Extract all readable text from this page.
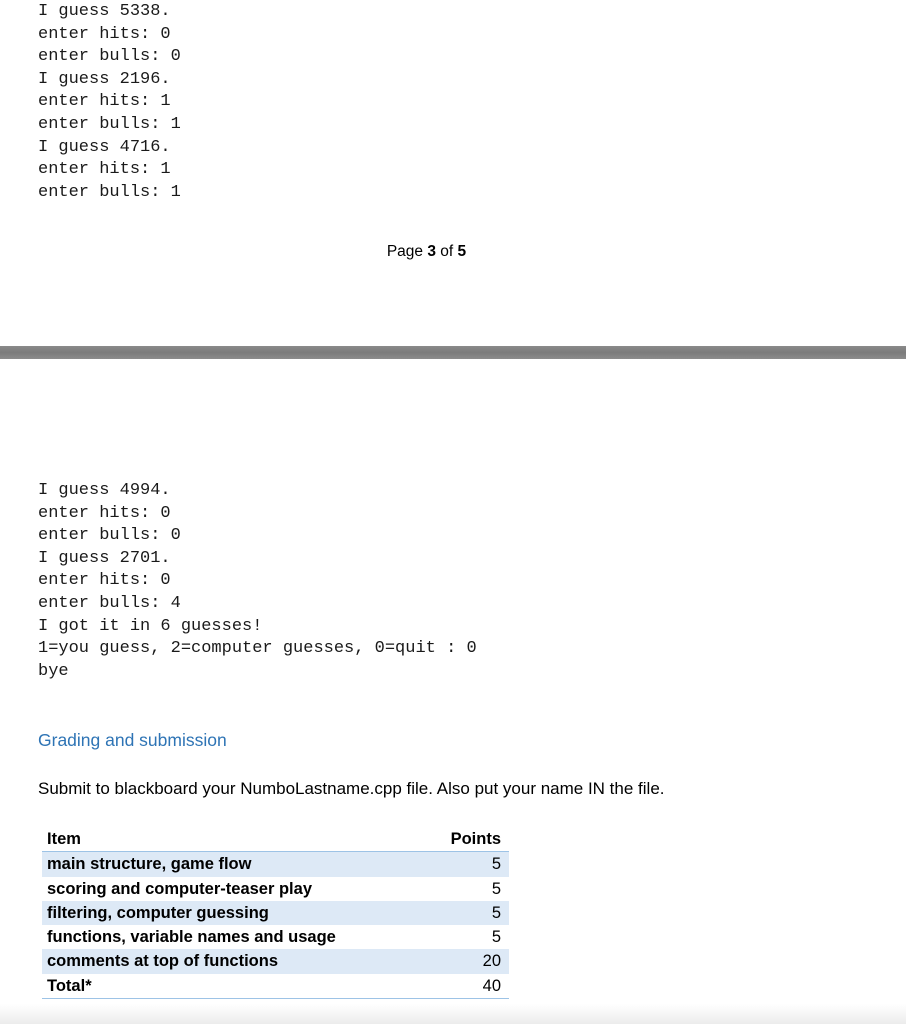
I guess 5338.
enter hits: 0
enter bulls: 0
I guess 2196.
enter hits: 1
enter bulls: 1
I guess 4716.
enter hits: 1
enter bulls: 1
Page 3 of 5
I guess 4994.
enter hits: 0
enter bulls: 0
I guess 2701.
enter hits: 0
enter bulls: 4
I got it in 6 guesses!
1=you guess, 2=computer guesses, 0=quit : 0
bye
Grading and submission
Submit to blackboard your NumboLastname.cpp file. Also put your name IN the file.
Item	Points
main structure, game flow	5
scoring and computer-teaser play	5
filtering, computer guessing	5
functions, variable names and usage	5
comments at top of functions	20
Total*	40
